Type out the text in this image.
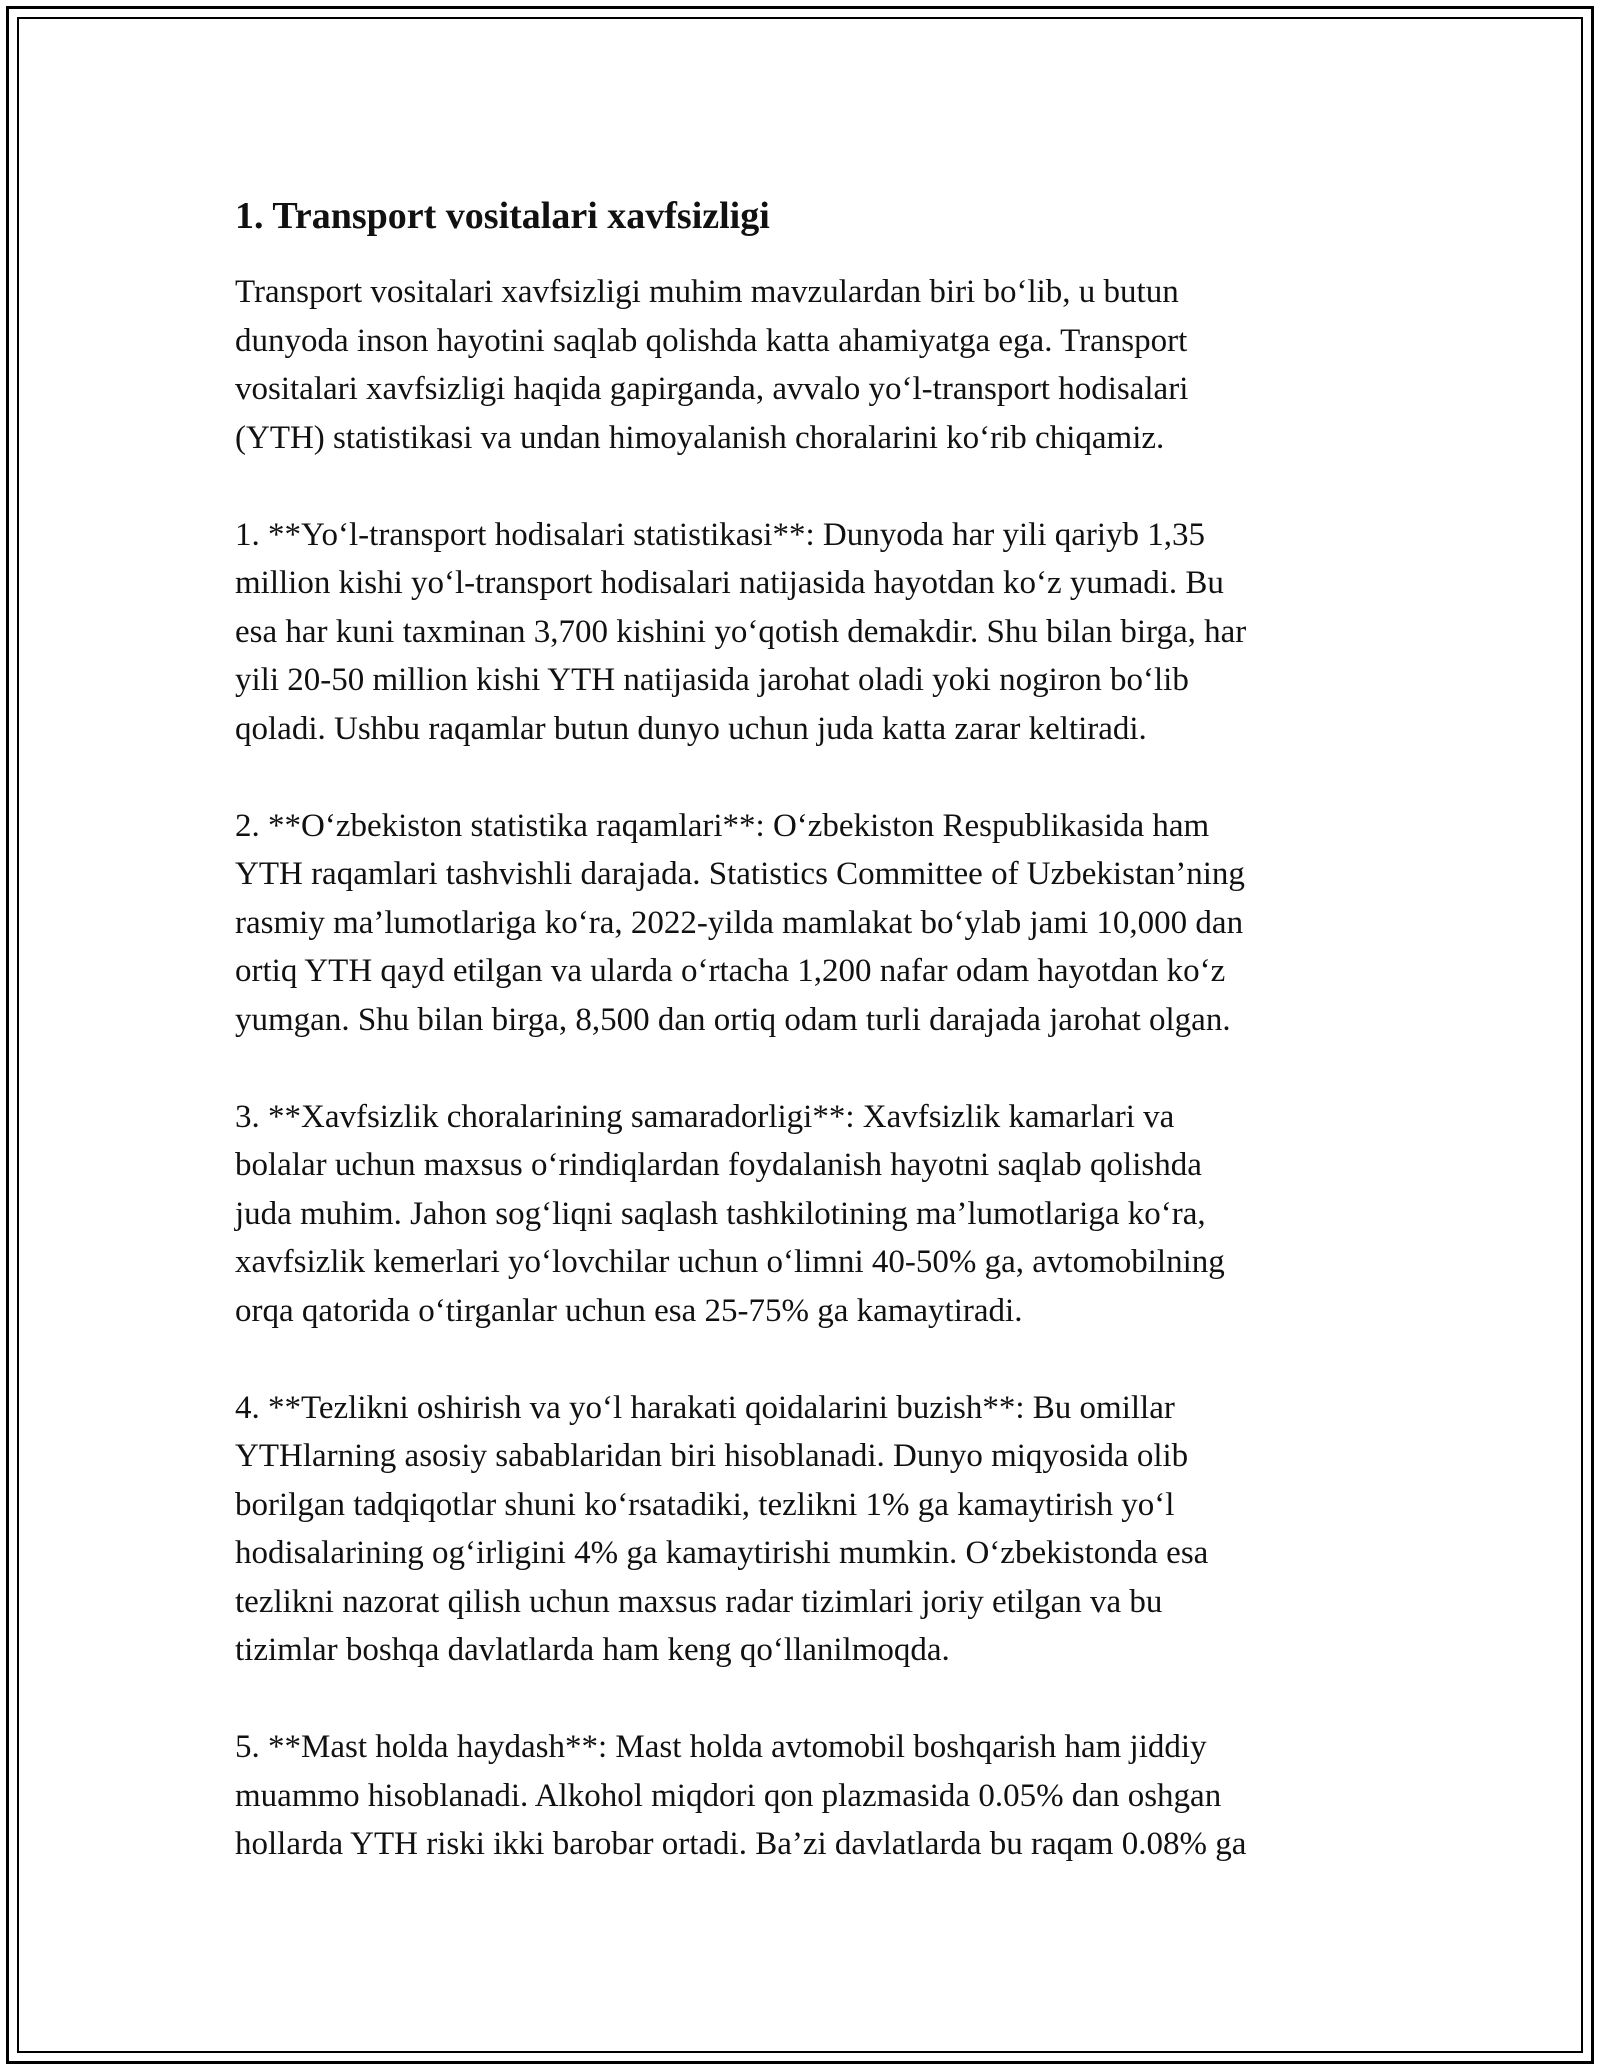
1. Transport vositalari xavfsizligi
Transport vositalari xavfsizligi muhim mavzulardan biri boʻlib, u butun
dunyoda inson hayotini saqlab qolishda katta ahamiyatga ega. Transport
vositalari xavfsizligi haqida gapirganda, avvalo yoʻl-transport hodisalari
(YTH) statistikasi va undan himoyalanish choralarini koʻrib chiqamiz.
1. **Yoʻl-transport hodisalari statistikasi**: Dunyoda har yili qariyb 1,35
million kishi yoʻl-transport hodisalari natijasida hayotdan koʻz yumadi. Bu
esa har kuni taxminan 3,700 kishini yoʻqotish demakdir. Shu bilan birga, har
yili 20-50 million kishi YTH natijasida jarohat oladi yoki nogiron boʻlib
qoladi. Ushbu raqamlar butun dunyo uchun juda katta zarar keltiradi.
2. **Oʻzbekiston statistika raqamlari**: Oʻzbekiston Respublikasida ham
YTH raqamlari tashvishli darajada. Statistics Committee of Uzbekistan’ning
rasmiy ma’lumotlariga koʻra, 2022-yilda mamlakat boʻylab jami 10,000 dan
ortiq YTH qayd etilgan va ularda oʻrtacha 1,200 nafar odam hayotdan koʻz
yumgan. Shu bilan birga, 8,500 dan ortiq odam turli darajada jarohat olgan.
3. **Xavfsizlik choralarining samaradorligi**: Xavfsizlik kamarlari va
bolalar uchun maxsus oʻrindiqlardan foydalanish hayotni saqlab qolishda
juda muhim. Jahon sogʻliqni saqlash tashkilotining ma’lumotlariga koʻra,
xavfsizlik kemerlari yoʻlovchilar uchun oʻlimni 40-50% ga, avtomobilning
orqa qatorida oʻtirganlar uchun esa 25-75% ga kamaytiradi.
4. **Tezlikni oshirish va yoʻl harakati qoidalarini buzish**: Bu omillar
YTHlarning asosiy sabablaridan biri hisoblanadi. Dunyo miqyosida olib
borilgan tadqiqotlar shuni koʻrsatadiki, tezlikni 1% ga kamaytirish yoʻl
hodisalarining ogʻirligini 4% ga kamaytirishi mumkin. Oʻzbekistonda esa
tezlikni nazorat qilish uchun maxsus radar tizimlari joriy etilgan va bu
tizimlar boshqa davlatlarda ham keng qoʻllanilmoqda.
5. **Mast holda haydash**: Mast holda avtomobil boshqarish ham jiddiy
muammo hisoblanadi. Alkohol miqdori qon plazmasida 0.05% dan oshgan
hollarda YTH riski ikki barobar ortadi. Ba’zi davlatlarda bu raqam 0.08% ga
